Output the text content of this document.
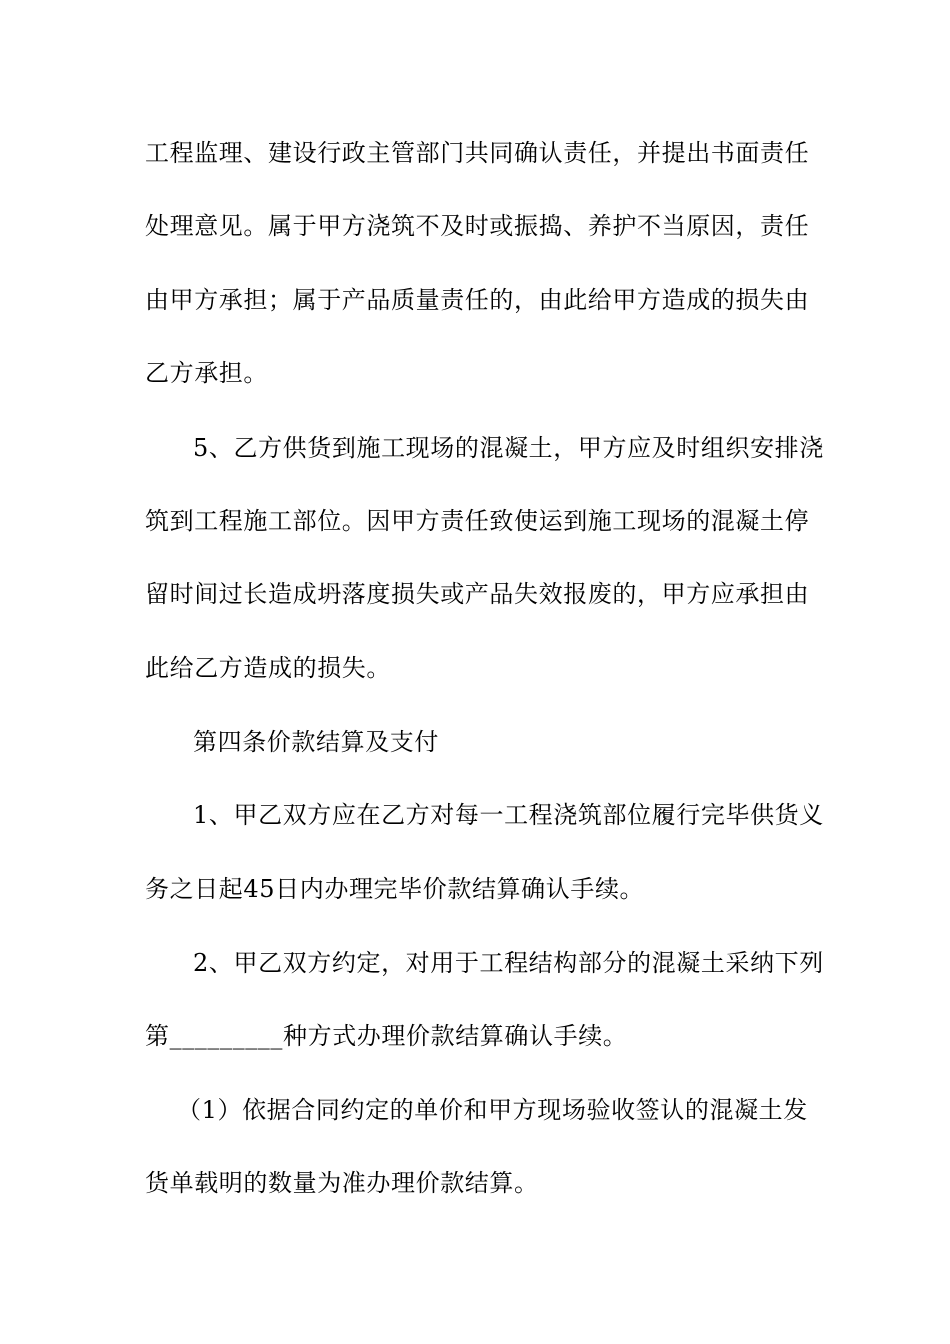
工程监理、建设行政主管部门共同确认责任，并提出书面责任
处理意见。属于甲方浇筑不及时或振捣、养护不当原因，责任
由甲方承担；属于产品质量责任的，由此给甲方造成的损失由
乙方承担。
5、乙方供货到施工现场的混凝土，甲方应及时组织安排浇
筑到工程施工部位。因甲方责任致使运到施工现场的混凝土停
留时间过长造成坍落度损失或产品失效报废的，甲方应承担由
此给乙方造成的损失。
第四条价款结算及支付
1、甲乙双方应在乙方对每一工程浇筑部位履行完毕供货义
务之日起45日内办理完毕价款结算确认手续。
2、甲乙双方约定，对用于工程结构部分的混凝土采纳下列
第_________种方式办理价款结算确认手续。
（1）依据合同约定的单价和甲方现场验收签认的混凝土发
货单载明的数量为准办理价款结算。
